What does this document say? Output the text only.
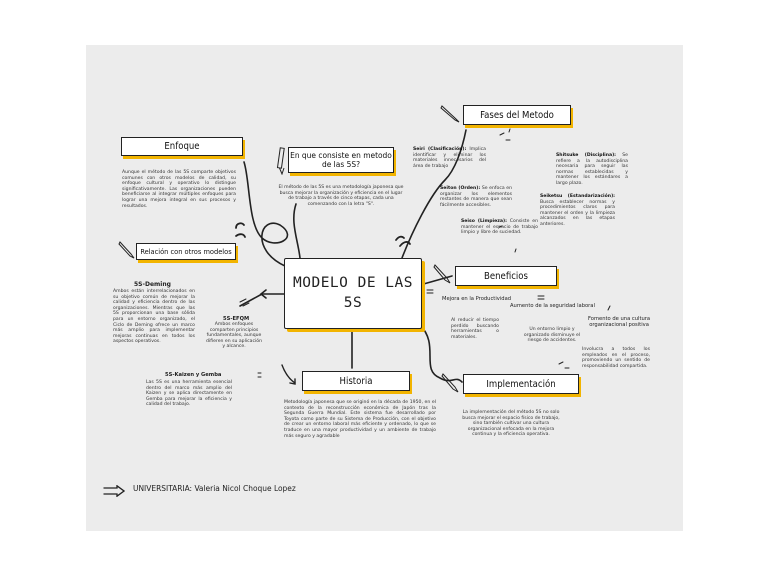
MODELO DE LAS
5S
Enfoque
Aunque el método de las 5S comparte objetivos comunes con otros modelos de calidad, su enfoque cultural y operativo lo distingue significativamente. Las organizaciones pueden beneficiarse al integrar múltiples enfoques para lograr una mejora integral en sus procesos y resultados.
En que consiste en metodo
de las 5S?
El método de las 5S es una metodología japonesa que busca mejorar la organización y eficiencia en el lugar de trabajo a través de cinco etapas, cada una comenzando con la letra "S".
Fases del Metodo
Seiri (Clasificación): Implica identificar y eliminar los materiales innecesarios del área de trabajo
Seiton (Orden): Se enfoca en organizar los elementos restantes de manera que sean fácilmente accesibles.
Seiso (Limpieza): Consiste en mantener el espacio de trabajo limpio y libre de suciedad.
Shitsuke (Disciplina): Se refiere a la autodisciplina necesaria para seguir las normas establecidas y mantener los estándares a largo plazo.
Seiketsu (Estandarización): Busca establecer normas y procedimientos claros para mantener el orden y la limpieza alcanzados en las etapas anteriores.
Relación con otros modelos
5S-Deming
Ambos están interrelacionados en su objetivo común de mejorar la calidad y eficiencia dentro de las organizaciones. Mientras que las 5S proporcionan una base sólida para un entorno organizado, el Ciclo de Deming ofrece un marco más amplio para implementar mejoras continuas en todos los aspectos operativos.
5S-EFQM
Ambos enfoques comparten principios fundamentales, aunque difieren en su aplicación y alcance.
5S-Kaizen y Gemba
Las 5S es una herramienta esencial dentro del marco más amplio del Kaizen y se aplica directamente en Gemba para mejorar la eficiencia y calidad del trabajo.
Beneficios
Mejora en la Productividad
Al reducir el tiempo perdido buscando herramientas o materiales.
Aumento de la seguridad laboral
Un entorno limpio y organizado disminuye el riesgo de accidentes.
Fomento de una cultura
organizacional positiva
Involucra a todos los empleados en el proceso, promoviendo un sentido de responsabilidad compartida.
Historia
Metodología japonesa que se originó en la década de 1950, en el contexto de la reconstrucción económica de Japón tras la Segunda Guerra Mundial. Este sistema fue desarrollado por Toyota como parte de su Sistema de Producción, con el objetivo de crear un entorno laboral más eficiente y ordenado, lo que se traduce en una mayor productividad y un ambiente de trabajo más seguro y agradable
Implementación
La implementación del método 5S no solo busca mejorar el espacio físico de trabajo, sino también cultivar una cultura organizacional enfocada en la mejora continua y la eficiencia operativa.
UNIVERSITARIA: Valeria Nicol Choque Lopez
